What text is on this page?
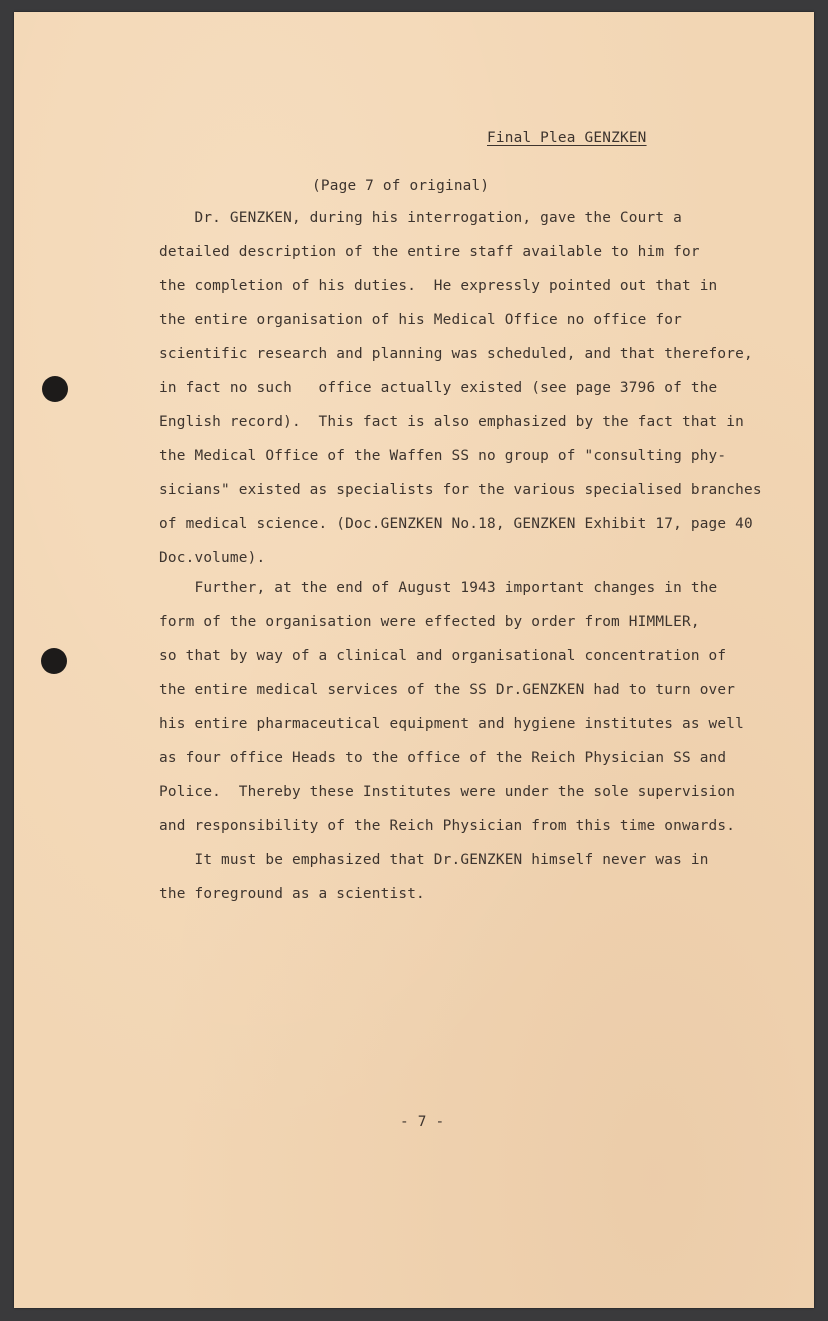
Final Plea GENZKEN
(Page 7 of original)
Dr. GENZKEN, during his interrogation, gave the Court a
detailed description of the entire staff available to him for
the completion of his duties.  He expressly pointed out that in
the entire organisation of his Medical Office no office for
scientific research and planning was scheduled, and that therefore,
in fact no such   office actually existed (see page 3796 of the
English record).  This fact is also emphasized by the fact that in
the Medical Office of the Waffen SS no group of "consulting phy-
sicians" existed as specialists for the various specialised branches
of medical science. (Doc.GENZKEN No.18, GENZKEN Exhibit 17, page 40
Doc.volume).
Further, at the end of August 1943 important changes in the
form of the organisation were effected by order from HIMMLER,
so that by way of a clinical and organisational concentration of
the entire medical services of the SS Dr.GENZKEN had to turn over
his entire pharmaceutical equipment and hygiene institutes as well
as four office Heads to the office of the Reich Physician SS and
Police.  Thereby these Institutes were under the sole supervision
and responsibility of the Reich Physician from this time onwards.
It must be emphasized that Dr.GENZKEN himself never was in
the foreground as a scientist.
- 7 -
